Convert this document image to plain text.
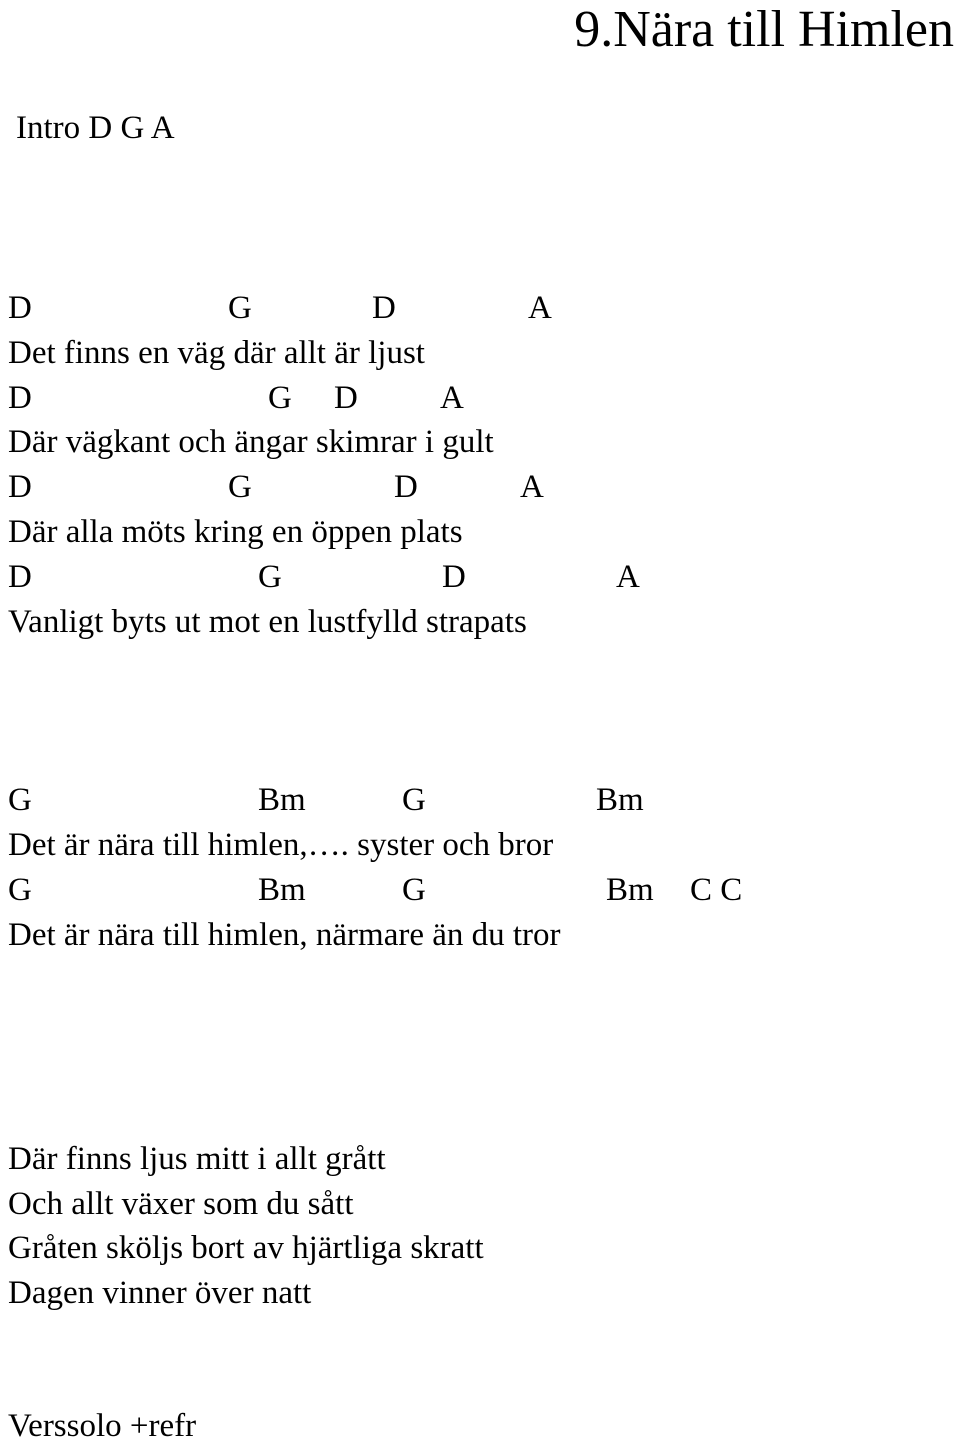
9.Nära till Himlen
Intro D G A
D	G	D	A
Det finns en väg där allt är ljust
D	G D A
Där vägkant och ängar skimrar i gult
D	G	D	A
Där alla möts kring en öppen plats
D	G	D	A
Vanligt byts ut mot en lustfylld strapats
G	Bm	G	Bm
Det är nära till himlen,…. syster och bror
G	Bm	G	Bm C C
Det är nära till himlen, närmare än du tror
Där finns ljus mitt i allt grått
Och allt växer som du sått
Gråten sköljs bort av hjärtliga skratt
Dagen vinner över natt
Verssolo +refr
